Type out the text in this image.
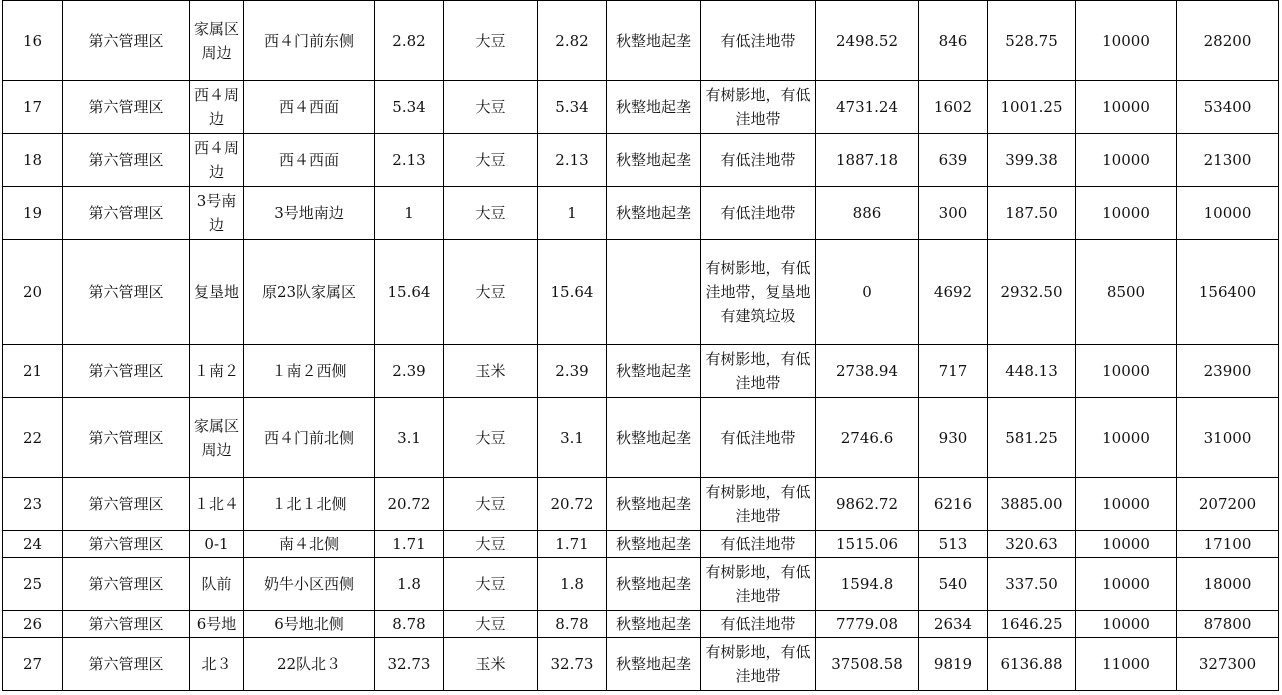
16	第六管理区	家属区周边	西４门前东侧	2.82	大豆	2.82	秋整地起垄	有低洼地带	2498.52	846	528.75	10000	28200
17	第六管理区	西４周边	西４西面	5.34	大豆	5.34	秋整地起垄	有树影地，有低洼地带	4731.24	1602	1001.25	10000	53400
18	第六管理区	西４周边	西４西面	2.13	大豆	2.13	秋整地起垄	有低洼地带	1887.18	639	399.38	10000	21300
19	第六管理区	3号南边	3号地南边	1	大豆	1	秋整地起垄	有低洼地带	886	300	187.50	10000	10000
20	第六管理区	复垦地	原23队家属区	15.64	大豆	15.64		有树影地，有低洼地带，复垦地有建筑垃圾	0	4692	2932.50	8500	156400
21	第六管理区	１南２	１南２西侧	2.39	玉米	2.39	秋整地起垄	有树影地，有低洼地带	2738.94	717	448.13	10000	23900
22	第六管理区	家属区周边	西４门前北侧	3.1	大豆	3.1	秋整地起垄	有低洼地带	2746.6	930	581.25	10000	31000
23	第六管理区	１北４	１北１北侧	20.72	大豆	20.72	秋整地起垄	有树影地，有低洼地带	9862.72	6216	3885.00	10000	207200
24	第六管理区	0-1	南４北侧	1.71	大豆	1.71	秋整地起垄	有低洼地带	1515.06	513	320.63	10000	17100
25	第六管理区	队前	奶牛小区西侧	1.8	大豆	1.8	秋整地起垄	有树影地，有低洼地带	1594.8	540	337.50	10000	18000
26	第六管理区	6号地	6号地北侧	8.78	大豆	8.78	秋整地起垄	有低洼地带	7779.08	2634	1646.25	10000	87800
27	第六管理区	北３	22队北３	32.73	玉米	32.73	秋整地起垄	有树影地，有低洼地带	37508.58	9819	6136.88	11000	327300
